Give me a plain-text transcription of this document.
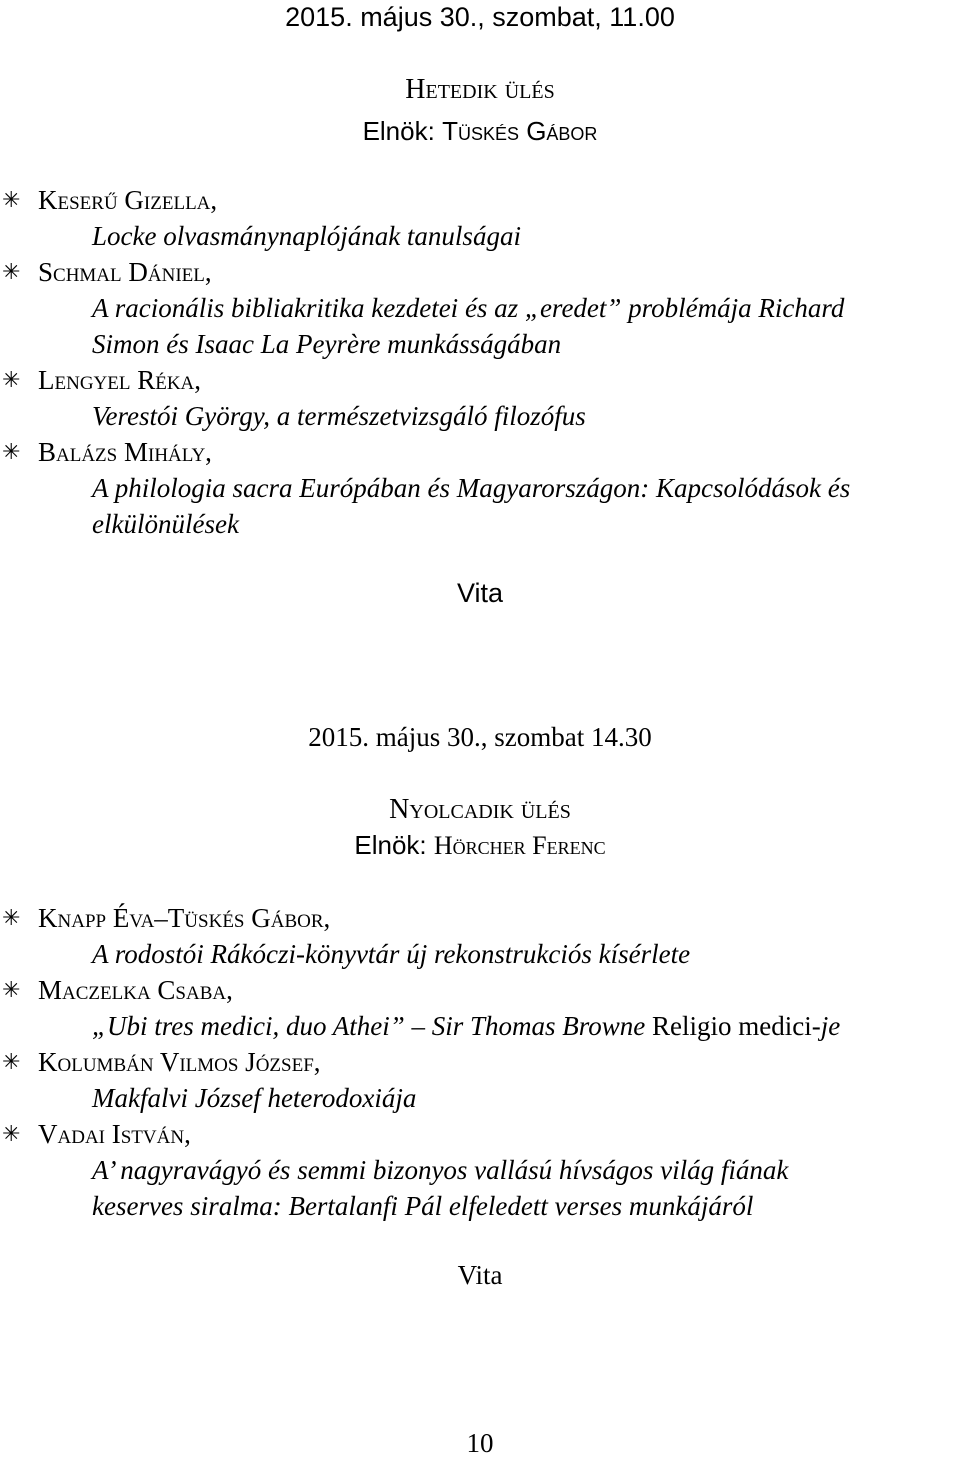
2015. május 30., szombat, 11.00
Hetedik ülés
Elnök: Tüskés Gábor
✳ Keserű Gizella,
Locke olvasmánynaplójának tanulságai
✳ Schmal Dániel,
A racionális bibliakritika kezdetei és az „eredet” problémája Richard
Simon és Isaac La Peyrère munkásságában
✳ Lengyel Réka,
Verestói György, a természetvizsgáló filozófus
✳ Balázs Mihály,
A philologia sacra Európában és Magyarországon: Kapcsolódások és
elkülönülések
Vita
2015. május 30., szombat 14.30
Nyolcadik ülés
Elnök: Hörcher Ferenc
✳ Knapp Éva–Tüskés Gábor,
A rodostói Rákóczi-könyvtár új rekonstrukciós kísérlete
✳ Maczelka Csaba,
„Ubi tres medici, duo Athei” – Sir Thomas Browne Religio medici-je
✳ Kolumbán Vilmos József,
Makfalvi József heterodoxiája
✳ Vadai István,
A’ nagyravágyó és semmi bizonyos vallású hívságos világ fiának
keserves siralma: Bertalanfi Pál elfeledett verses munkájáról
Vita
10
